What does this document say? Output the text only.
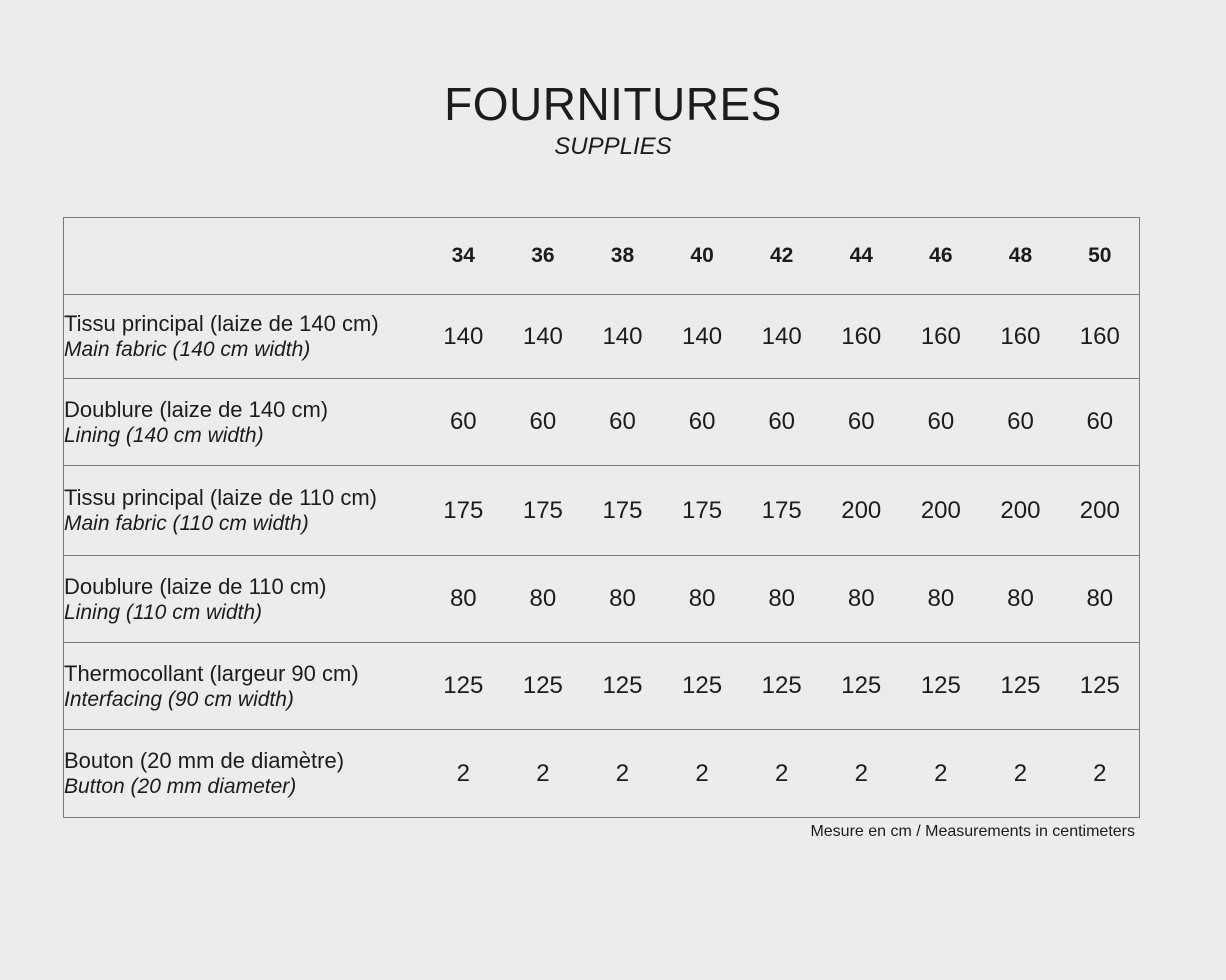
FOURNITURES
SUPPLIES
	34	36	38	40	42	44	46	48	50

Tissu principal (laize de 140 cm)
Main fabric (140 cm width)	140	140	140	140	140	160	160	160	160

Doublure (laize de 140 cm)
Lining (140 cm width)	60	60	60	60	60	60	60	60	60

Tissu principal (laize de 110 cm)
Main fabric (110 cm width)	175	175	175	175	175	200	200	200	200

Doublure (laize de 110 cm)
Lining (110 cm width)	80	80	80	80	80	80	80	80	80

Thermocollant (largeur 90 cm)
Interfacing (90 cm width)	125	125	125	125	125	125	125	125	125

Bouton (20 mm de diamètre)
Button (20 mm diameter)	2	2	2	2	2	2	2	2	2
Mesure en cm / Measurements in centimeters
